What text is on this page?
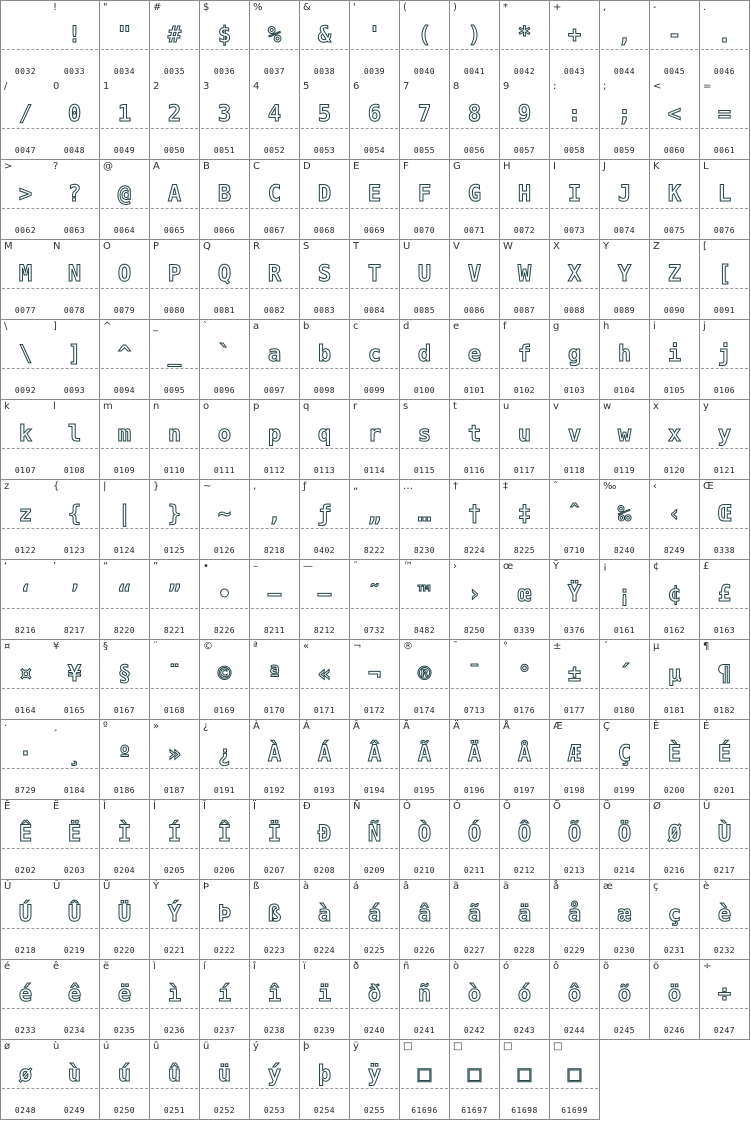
0032
!
!
0033
"
"
0034
#
#
0035
$
$
0036
%
%
0037
&
&
0038
'
'
0039
(
(
0040
)
)
0041
*
*
0042
+
+
0043
,
,
0044
-
-
0045
.
.
0046
/
/
0047
0
0
0048
1
1
0049
2
2
0050
3
3
0051
4
4
0052
5
5
0053
6
6
0054
7
7
0055
8
8
0056
9
9
0057
:
:
0058
;
;
0059
<
<
0060
=
=
0061
>
>
0062
?
?
0063
@
@
0064
A
A
0065
B
B
0066
C
C
0067
D
D
0068
E
E
0069
F
F
0070
G
G
0071
H
H
0072
I
I
0073
J
J
0074
K
K
0075
L
L
0076
M
M
0077
N
N
0078
O
O
0079
P
P
0080
Q
Q
0081
R
R
0082
S
S
0083
T
T
0084
U
U
0085
V
V
0086
W
W
0087
X
X
0088
Y
Y
0089
Z
Z
0090
[
[
0091
\
\
0092
]
]
0093
^
^
0094
_
_
0095
`
`
0096
a
a
0097
b
b
0098
c
c
0099
d
d
0100
e
e
0101
f
f
0102
g
g
0103
h
h
0104
i
i
0105
j
j
0106
k
k
0107
l
l
0108
m
m
0109
n
n
0110
o
o
0111
p
p
0112
q
q
0113
r
r
0114
s
s
0115
t
t
0116
u
u
0117
v
v
0118
w
w
0119
x
x
0120
y
y
0121
z
z
0122
{
{
0123
|
|
0124
}
}
0125
~
~
0126
‚
‚
8218
ƒ
ƒ
0402
„
„
8222
…
…
8230
†
†
8224
‡
‡
8225
ˆ
ˆ
0710
‰
‰
8240
‹
‹
8249
Œ
Œ
0338
‘
‘
8216
’
’
8217
“
“
8220
”
”
8221
•
•
8226
–
–
8211
—
—
8212
˜
˜
0732
™
™
8482
›
›
8250
œ
œ
0339
Ÿ
Ÿ
0376
¡
¡
0161
¢
¢
0162
£
£
0163
¤
¤
0164
¥
¥
0165
§
§
0167
¨
¨
0168
©
©
0169
ª
ª
0170
«
«
0171
¬
¬
0172
®
®
0174
¯
¯
0713
°
°
0176
±
±
0177
´
´
0180
µ
µ
0181
¶
¶
0182
·
·
8729
¸
¸
0184
º
º
0186
»
»
0187
¿
¿
0191
À
À
0192
Á
Á
0193
Â
Â
0194
Ã
Ã
0195
Ä
Ä
0196
Å
Å
0197
Æ
Æ
0198
Ç
Ç
0199
È
È
0200
É
É
0201
Ê
Ê
0202
Ë
Ë
0203
Ì
Ì
0204
Í
Í
0205
Î
Î
0206
Ï
Ï
0207
Ð
Ð
0208
Ñ
Ñ
0209
Ò
Ò
0210
Ó
Ó
0211
Ô
Ô
0212
Õ
Õ
0213
Ö
Ö
0214
Ø
Ø
0216
Ù
Ù
0217
Ú
Ú
0218
Û
Û
0219
Ü
Ü
0220
Ý
Ý
0221
Þ
Þ
0222
ß
ß
0223
à
à
0224
á
á
0225
â
â
0226
ã
ã
0227
ä
ä
0228
å
å
0229
æ
æ
0230
ç
ç
0231
è
è
0232
é
é
0233
ê
ê
0234
ë
ë
0235
ì
ì
0236
í
í
0237
î
î
0238
ï
ï
0239
ð
ð
0240
ñ
ñ
0241
ò
ò
0242
ó
ó
0243
ô
ô
0244
õ
õ
0245
ö
ö
0246
÷
÷
0247
ø
ø
0248
ù
ù
0249
ú
ú
0250
û
û
0251
ü
ü
0252
ý
ý
0253
þ
þ
0254
ÿ
ÿ
0255
□
□
61696
□
□
61697
□
□
61698
□
□
61699
